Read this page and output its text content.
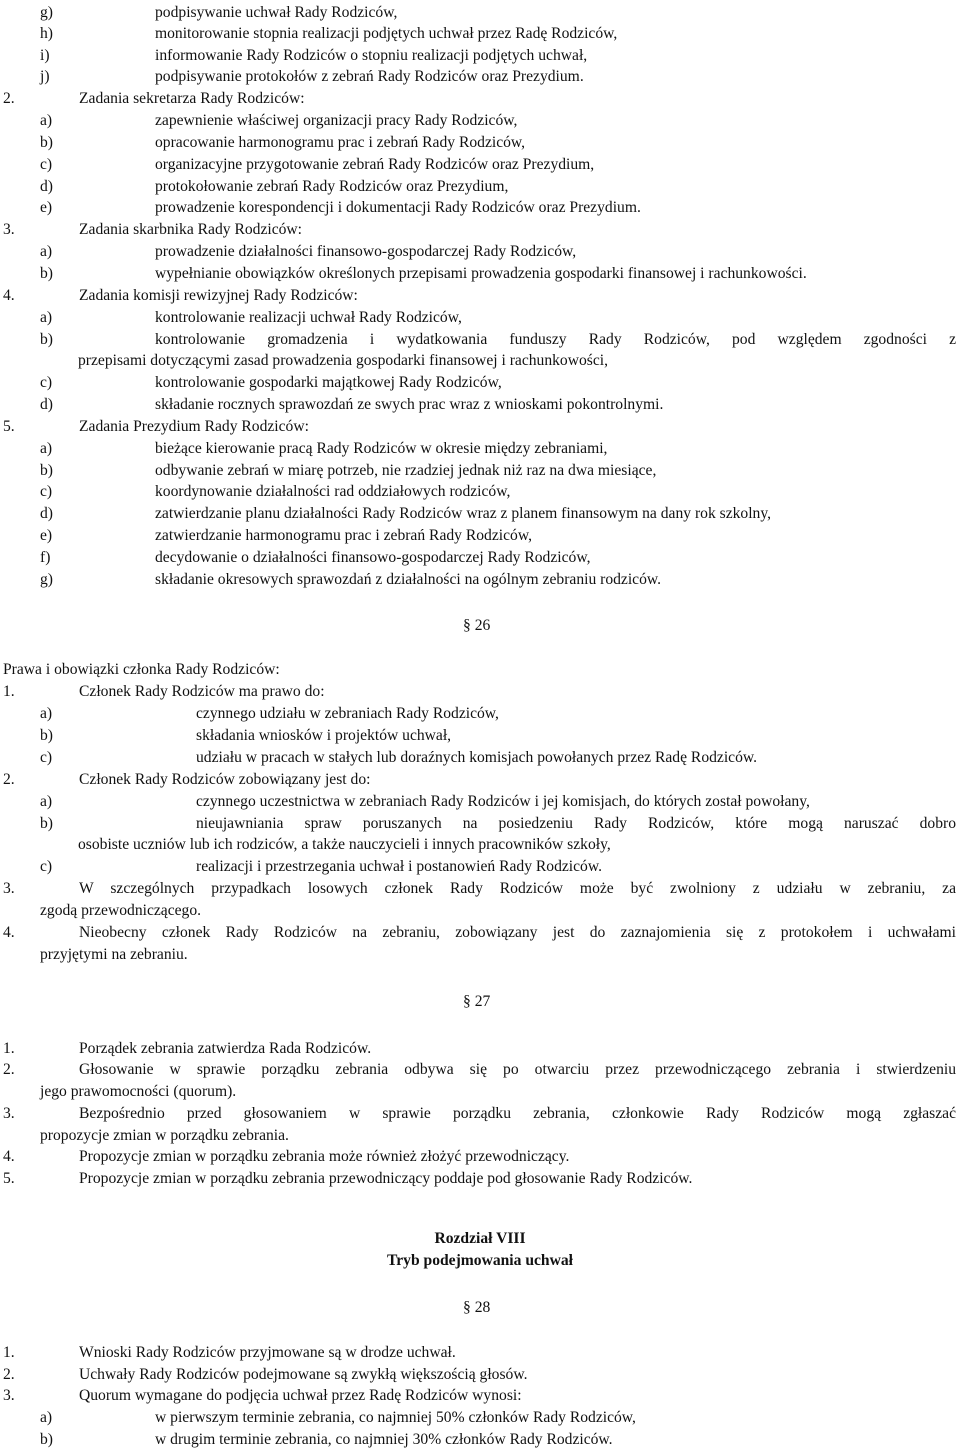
g)	podpisywanie uchwał Rady Rodziców,
h)	monitorowanie stopnia realizacji podjętych uchwał przez Radę Rodziców,
i)	informowanie Rady Rodziców o stopniu realizacji podjętych uchwał,
j)	podpisywanie protokołów z zebrań Rady Rodziców oraz Prezydium.
2.	Zadania sekretarza Rady Rodziców:
a)	zapewnienie właściwej organizacji pracy Rady Rodziców,
b)	opracowanie harmonogramu prac i zebrań Rady Rodziców,
c)	organizacyjne przygotowanie zebrań Rady Rodziców oraz Prezydium,
d)	protokołowanie zebrań Rady Rodziców oraz Prezydium,
e)	prowadzenie korespondencji i dokumentacji Rady Rodziców oraz Prezydium.
3.	Zadania skarbnika Rady Rodziców:
a)	prowadzenie działalności finansowo-gospodarczej Rady Rodziców,
b)	wypełnianie obowiązków określonych przepisami prowadzenia gospodarki finansowej i rachunkowości.
4.	Zadania komisji rewizyjnej Rady Rodziców:
a)	kontrolowanie realizacji uchwał Rady Rodziców,
b)	kontrolowanie gromadzenia i wydatkowania funduszy Rady Rodziców, pod względem zgodności z
przepisami dotyczącymi zasad prowadzenia gospodarki finansowej i rachunkowości,
c)	kontrolowanie gospodarki majątkowej Rady Rodziców,
d)	składanie rocznych sprawozdań ze swych prac wraz z wnioskami pokontrolnymi.
5.	Zadania Prezydium Rady Rodziców:
a)	bieżące kierowanie pracą Rady Rodziców w okresie między zebraniami,
b)	odbywanie zebrań w miarę potrzeb, nie rzadziej jednak niż raz na dwa miesiące,
c)	koordynowanie działalności rad oddziałowych rodziców,
d)	zatwierdzanie planu działalności Rady Rodziców wraz z planem finansowym na dany rok szkolny,
e)	zatwierdzanie harmonogramu prac i zebrań Rady Rodziców,
f)	decydowanie o działalności finansowo-gospodarczej Rady Rodziców,
g)	składanie okresowych sprawozdań z działalności na ogólnym zebraniu rodziców.
§ 26
Prawa i obowiązki członka Rady Rodziców:
1.	Członek Rady Rodziców ma prawo do:
a)	czynnego udziału w zebraniach Rady Rodziców,
b)	składania wniosków i projektów uchwał,
c)	udziału w pracach w stałych lub doraźnych komisjach powołanych przez Radę Rodziców.
2.	Członek Rady Rodziców zobowiązany jest do:
a)	czynnego uczestnictwa w zebraniach Rady Rodziców i jej komisjach, do których został powołany,
b)	nieujawniania spraw poruszanych na posiedzeniu Rady Rodziców, które mogą naruszać dobro
osobiste uczniów lub ich rodziców, a także nauczycieli i innych pracowników szkoły,
c)	realizacji i przestrzegania uchwał i postanowień Rady Rodziców.
3.	W szczególnych przypadkach losowych członek Rady Rodziców może być zwolniony z udziału w zebraniu, za
zgodą przewodniczącego.
4.	Nieobecny członek Rady Rodziców na zebraniu, zobowiązany jest do zaznajomienia się z protokołem i uchwałami
przyjętymi na zebraniu.
§ 27
1.	Porządek zebrania zatwierdza Rada Rodziców.
2.	Głosowanie w sprawie porządku zebrania odbywa się po otwarciu przez przewodniczącego zebrania i stwierdzeniu
jego prawomocności (quorum).
3.	Bezpośrednio przed głosowaniem w sprawie porządku zebrania, członkowie Rady Rodziców mogą zgłaszać
propozycje zmian w porządku zebrania.
4.	Propozycje zmian w porządku zebrania może również złożyć przewodniczący.
5.	Propozycje zmian w porządku zebrania przewodniczący poddaje pod głosowanie Rady Rodziców.
Rozdział VIII
Tryb podejmowania uchwał
§ 28
1.	Wnioski Rady Rodziców przyjmowane są w drodze uchwał.
2.	Uchwały Rady Rodziców podejmowane są zwykłą większością głosów.
3.	Quorum wymagane do podjęcia uchwał przez Radę Rodziców wynosi:
a)	w pierwszym terminie zebrania, co najmniej 50% członków Rady Rodziców,
b)	w drugim terminie zebrania, co najmniej 30% członków Rady Rodziców.
